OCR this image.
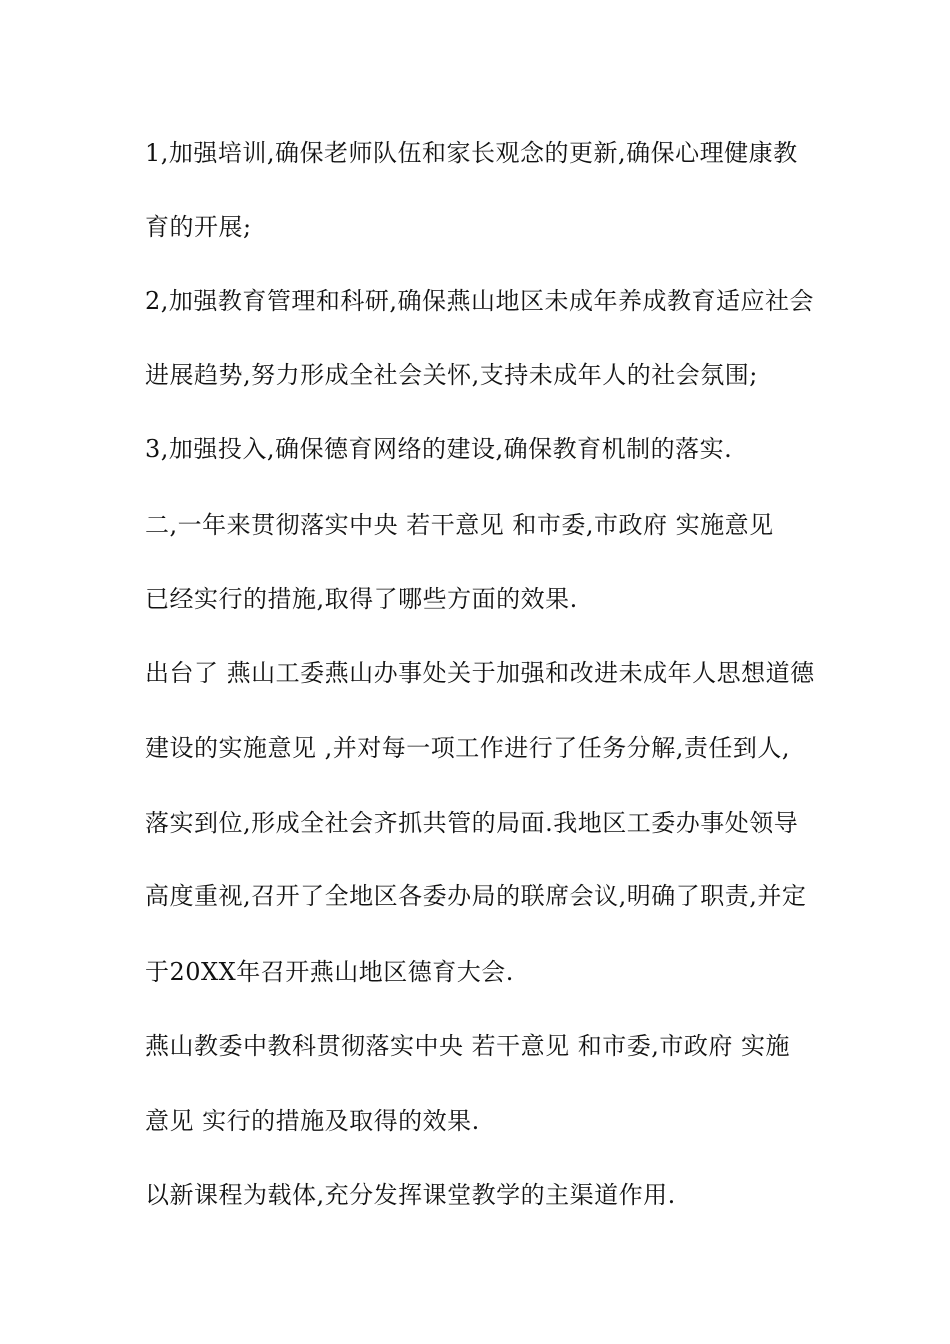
1,加强培训,确保老师队伍和家长观念的更新,确保心理健康教
育的开展;
2,加强教育管理和科研,确保燕山地区未成年养成教育适应社会
进展趋势,努力形成全社会关怀,支持未成年人的社会氛围;
3,加强投入,确保德育网络的建设,确保教育机制的落实.
二,一年来贯彻落实中央 若干意见 和市委,市政府 实施意见
已经实行的措施,取得了哪些方面的效果.
出台了 燕山工委燕山办事处关于加强和改进未成年人思想道德
建设的实施意见 ,并对每一项工作进行了任务分解,责任到人,
落实到位,形成全社会齐抓共管的局面.我地区工委办事处领导
高度重视,召开了全地区各委办局的联席会议,明确了职责,并定
于20XX年召开燕山地区德育大会.
燕山教委中教科贯彻落实中央 若干意见 和市委,市政府 实施
意见 实行的措施及取得的效果.
以新课程为载体,充分发挥课堂教学的主渠道作用.
